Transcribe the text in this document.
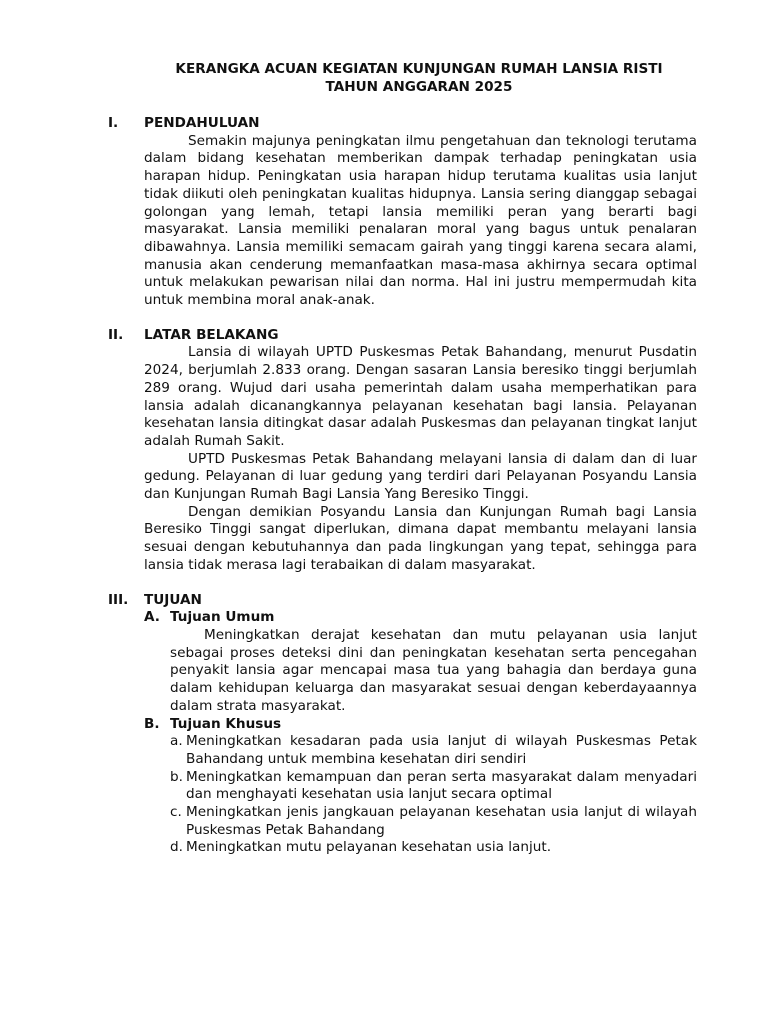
KERANGKA ACUAN KEGIATAN KUNJUNGAN RUMAH LANSIA RISTI
TAHUN ANGGARAN 2025
I.	PENDAHULUAN

Semakin majunya peningkatan ilmu pengetahuan dan teknologi terutama dalam bidang kesehatan memberikan dampak terhadap peningkatan usia harapan hidup. Peningkatan usia harapan hidup terutama kualitas usia lanjut tidak diikuti oleh peningkatan kualitas hidupnya. Lansia sering dianggap sebagai golongan yang lemah, tetapi lansia memiliki peran yang berarti bagi masyarakat. Lansia memiliki penalaran moral yang bagus untuk penalaran dibawahnya. Lansia memiliki semacam gairah yang tinggi karena secara alami, manusia akan cenderung memanfaatkan masa-masa akhirnya secara optimal untuk melakukan pewarisan nilai dan norma. Hal ini justru mempermudah kita untuk membina moral anak-anak.

II.	LATAR BELAKANG

Lansia di wilayah UPTD Puskesmas Petak Bahandang, menurut Pusdatin 2024, berjumlah 2.833 orang. Dengan sasaran Lansia beresiko tinggi berjumlah 289 orang. Wujud dari usaha pemerintah dalam usaha memperhatikan para lansia adalah dicanangkannya pelayanan kesehatan bagi lansia. Pelayanan kesehatan lansia ditingkat dasar adalah Puskesmas dan pelayanan tingkat lanjut adalah Rumah Sakit.

UPTD Puskesmas Petak Bahandang melayani lansia di dalam dan di luar gedung. Pelayanan di luar gedung yang terdiri dari Pelayanan Posyandu Lansia dan Kunjungan Rumah Bagi Lansia Yang Beresiko Tinggi.

Dengan demikian Posyandu Lansia dan Kunjungan Rumah bagi Lansia Beresiko Tinggi sangat diperlukan, dimana dapat membantu melayani lansia sesuai dengan kebutuhannya dan pada lingkungan yang tepat, sehingga para lansia tidak merasa lagi terabaikan di dalam masyarakat.

III.	TUJUAN
A. Tujuan Umum

Meningkatkan derajat kesehatan dan mutu pelayanan usia lanjut sebagai proses deteksi dini dan peningkatan kesehatan serta pencegahan penyakit lansia agar mencapai masa tua yang bahagia dan berdaya guna dalam kehidupan keluarga dan masyarakat sesuai dengan keberdayaannya dalam strata masyarakat.

B. Tujuan Khusus
a. Meningkatkan kesadaran pada usia lanjut di wilayah Puskesmas Petak Bahandang untuk membina kesehatan diri sendiri
b. Meningkatkan kemampuan dan peran serta masyarakat dalam menyadari dan menghayati kesehatan usia lanjut secara optimal
c. Meningkatkan jenis jangkauan pelayanan kesehatan usia lanjut di wilayah Puskesmas Petak Bahandang
d. Meningkatkan mutu pelayanan kesehatan usia lanjut.
